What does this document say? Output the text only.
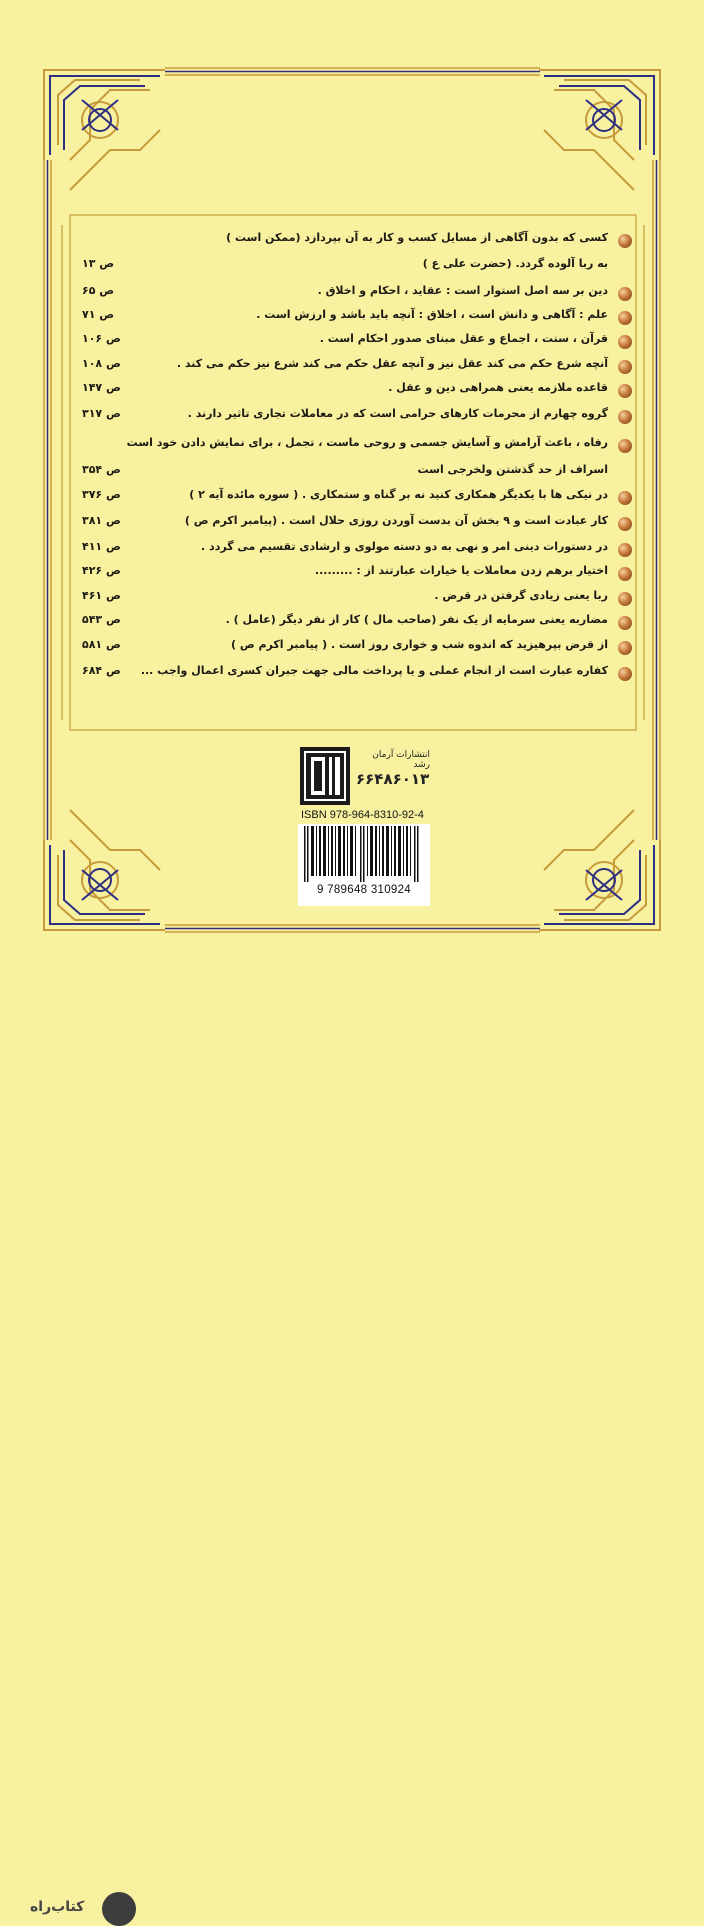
کسی که بدون آگاهی از مسایل کسب و کار به آن بپردازد (ممکن است )
به ربا آلوده گردد. (حضرت علی ع )
ص ۱۳
دین بر سه اصل استوار است : عقاید ، احکام و اخلاق .
ص ۶۵
علم : آگاهی و دانش است ، اخلاق : آنچه باید باشد و ارزش است .
ص ۷۱
قرآن ، سنت ، اجماع و عقل مبنای صدور احکام است .
ص ۱۰۶
آنچه شرع حکم می کند عقل نیز و آنچه عقل حکم می کند شرع نیز حکم می کند .
ص ۱۰۸
قاعده ملازمه یعنی همراهی دین و عقل .
ص ۱۴۷
گروه چهارم از محرمات کارهای حرامی است که در معاملات تجاری تاثیر دارند .
ص ۳۱۷
رفاه ، باعث آرامش و آسایش جسمی و روحی ماست ، تجمل ، برای نمایش دادن خود است
اسراف از حد گذشتن ولخرجی است
ص ۳۵۴
در نیکی ها با یکدیگر همکاری کنید نه بر گناه و ستمکاری . ( سوره مائده آیه ۲ )
ص ۳۷۶
کار عبادت است و ۹ بخش آن بدست آوردن روزی حلال است . (پیامبر اکرم ص )
ص ۳۸۱
در دستورات دینی امر و نهی به دو دسته مولوی و ارشادی تقسیم می گردد .
ص ۴۱۱
اختیار برهم زدن معاملات یا خیارات عبارتند از : .........
ص ۴۲۶
ربا یعنی زیادی گرفتن در قرض .
ص ۴۶۱
مضاربه یعنی سرمایه از یک نفر (صاحب مال ) کار از نفر دیگر (عامل ) .
ص ۵۴۳
از قرض بپرهیزید که اندوه شب و خواری روز است . ( پیامبر اکرم ص )
ص ۵۸۱
کفاره عبارت است از انجام عملی و یا پرداخت مالی جهت جبران کسری اعمال واجب ...
ص ۶۸۴
انتشارات آرمان رشد
۶۶۴۸۶۰۱۳
ISBN 978-964-8310-92-4
9 789648 310924
کتاب‌راه
